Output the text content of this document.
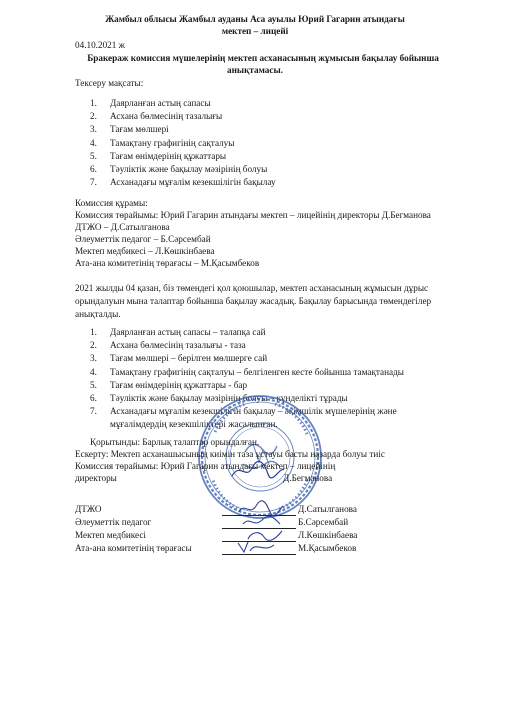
Жамбыл облысы Жамбыл ауданы Аса ауылы Юрий Гагарин атындағы
мектеп – лицейі
04.10.2021 ж
Бракераж комиссия мүшелерінің мектеп асханасының жұмысын бақылау бойынша
анықтамасы.
Тексеру мақсаты:
1. Даярланған астың сапасы
2. Асхана бөлмесінің тазалығы
3. Тағам мөлшері
4. Тамақтану графигінің сақталуы
5. Тағам өнімдерінің құжаттары
6. Тәуліктік және бақылау мәзірінің болуы
7. Асханадағы мұғалім кезекшілігін бақылау
Комиссия құрамы:
Комиссия төрайымы: Юрий Гагарин атындағы мектеп – лицейінің директоры Д.Бегманова
ДТЖО – Д.Сатылганова
Әлеуметтік педагог – Б.Сәрсембай
Мектеп медбикесі – Л.Көшкінбаева
Ата-ана комитетінің төрағасы – М.Қасымбеков
2021 жылды 04 қазан, біз төмендегі қол қоюшылар, мектеп асханасының жұмысын дұрыс
орындалуын мына талаптар бойынша бақылау жасадық. Бақылау барысында төмендегілер
анықталды.
1. Даярланған астың сапасы – талапқа сай
2. Асхана бөлмесінің тазалығы - таза
3. Тағам мөлшері – берілген мөлшерге сай
4. Тамақтану графигінің сақталуы – белгіленген кесте бойынша тамақтанады
5. Тағам өнімдерінің құжаттары - бар
6. Тәуліктік және бақылау мәзірінің болуы – күнделікті тұрады
7. Асханадағы мұғалім кезекшілігін бақылау – әкімшілік мүшелерінің және
мұғалімдердің кезекшіліктері жасалынған.
Қорытынды: Барлық талаптар орындалған.
Ескерту: Мектеп асханашысының киімін таза ұстауы басты назарда болуы тиіс
Комиссия төрайымы: Юрий Гагарин атындағы мектеп – лицейінің
директоры	Д.Бегманова
ДТЖО	Д.Сатылганова
Әлеуметтік педагог	Б.Сәрсембай
Мектеп медбикесі	Л.Көшкінбаева
Ата-ана комитетінің төрағасы	М.Қасымбеков
